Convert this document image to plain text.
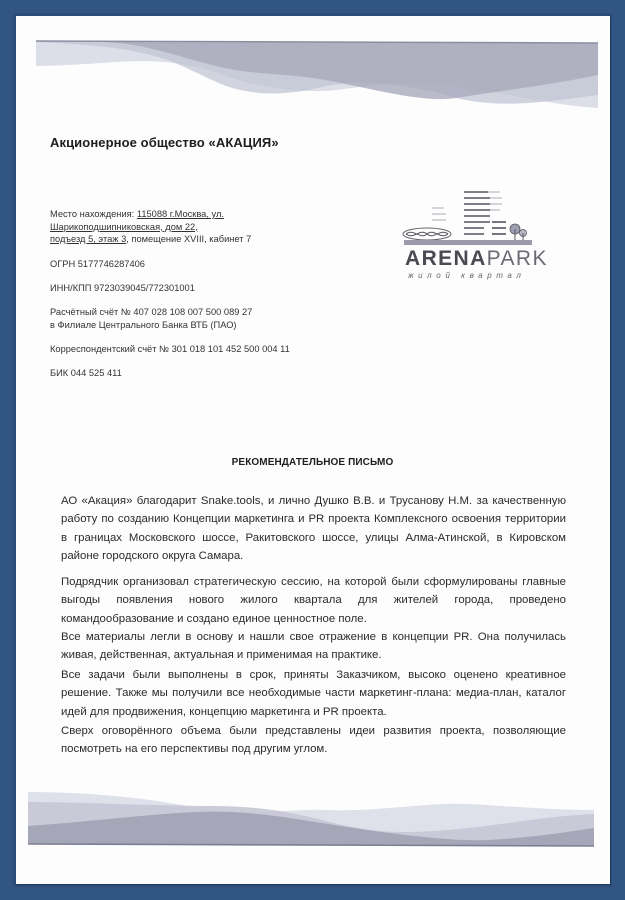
Акционерное общество «АКАЦИЯ»
Место нахождения: 115088 г.Москва, ул.
Шарикоподшипниковская, дом 22,
подъезд 5, этаж 3, помещение XVIII, кабинет 7
ОГРН 5177746287406
ИНН/КПП 9723039045/772301001
Расчётный счёт № 407 028 108 007 500 089 27
в Филиале Центрального Банка ВТБ (ПАО)
Корреспондентский счёт № 301 018 101 452 500 004 11
БИК 044 525 411
ARENAPARK
жилой квартал
РЕКОМЕНДАТЕЛЬНОЕ ПИСЬМО
АО «Акация» благодарит Snake.tools, и лично Душко В.В. и Трусанову Н.М. за качественную работу по созданию Концепции маркетинга и PR проекта Комплексного освоения территории в границах Московского шоссе, Ракитовского шоссе, улицы Алма-Атинской, в Кировском районе городского округа Самара.
Подрядчик организовал стратегическую сессию, на которой были сформулированы главные выгоды появления нового жилого квартала для жителей города, проведено командообразование и создано единое ценностное поле.
Все материалы легли в основу и нашли свое отражение в концепции PR. Она получилась живая, действенная, актуальная и применимая на практике.
Все задачи были выполнены в срок, приняты Заказчиком, высоко оценено креативное решение. Также мы получили все необходимые части маркетинг-плана: медиа-план, каталог идей для продвижения, концепцию маркетинга и PR проекта.
Сверх оговорённого объема были представлены идеи развития проекта, позволяющие посмотреть на его перспективы под другим углом.
